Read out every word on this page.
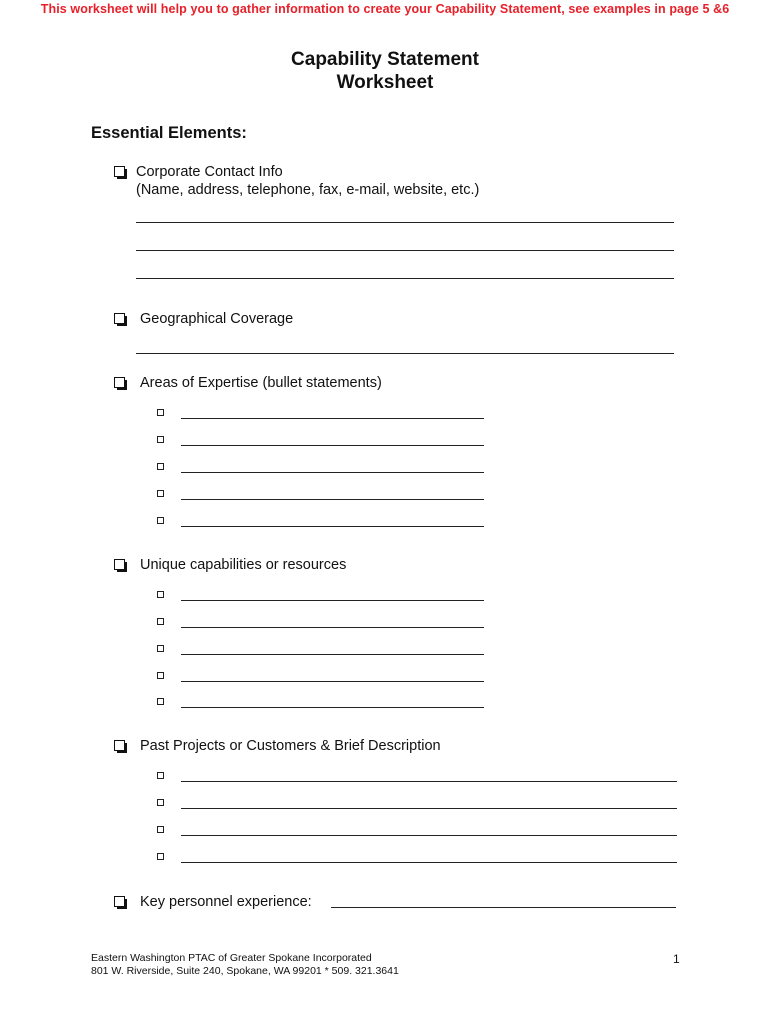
This worksheet will help you to gather information to create your Capability Statement, see examples in page 5 &6
Capability Statement
Worksheet
Essential Elements:
Corporate Contact Info
(Name, address, telephone, fax, e-mail, website, etc.)
Geographical Coverage
Areas of Expertise (bullet statements)
Unique capabilities or resources
Past Projects or Customers & Brief Description
Key personnel experience:
Eastern Washington PTAC of Greater Spokane Incorporated
801 W. Riverside, Suite 240, Spokane, WA 99201 * 509. 321.3641
1
